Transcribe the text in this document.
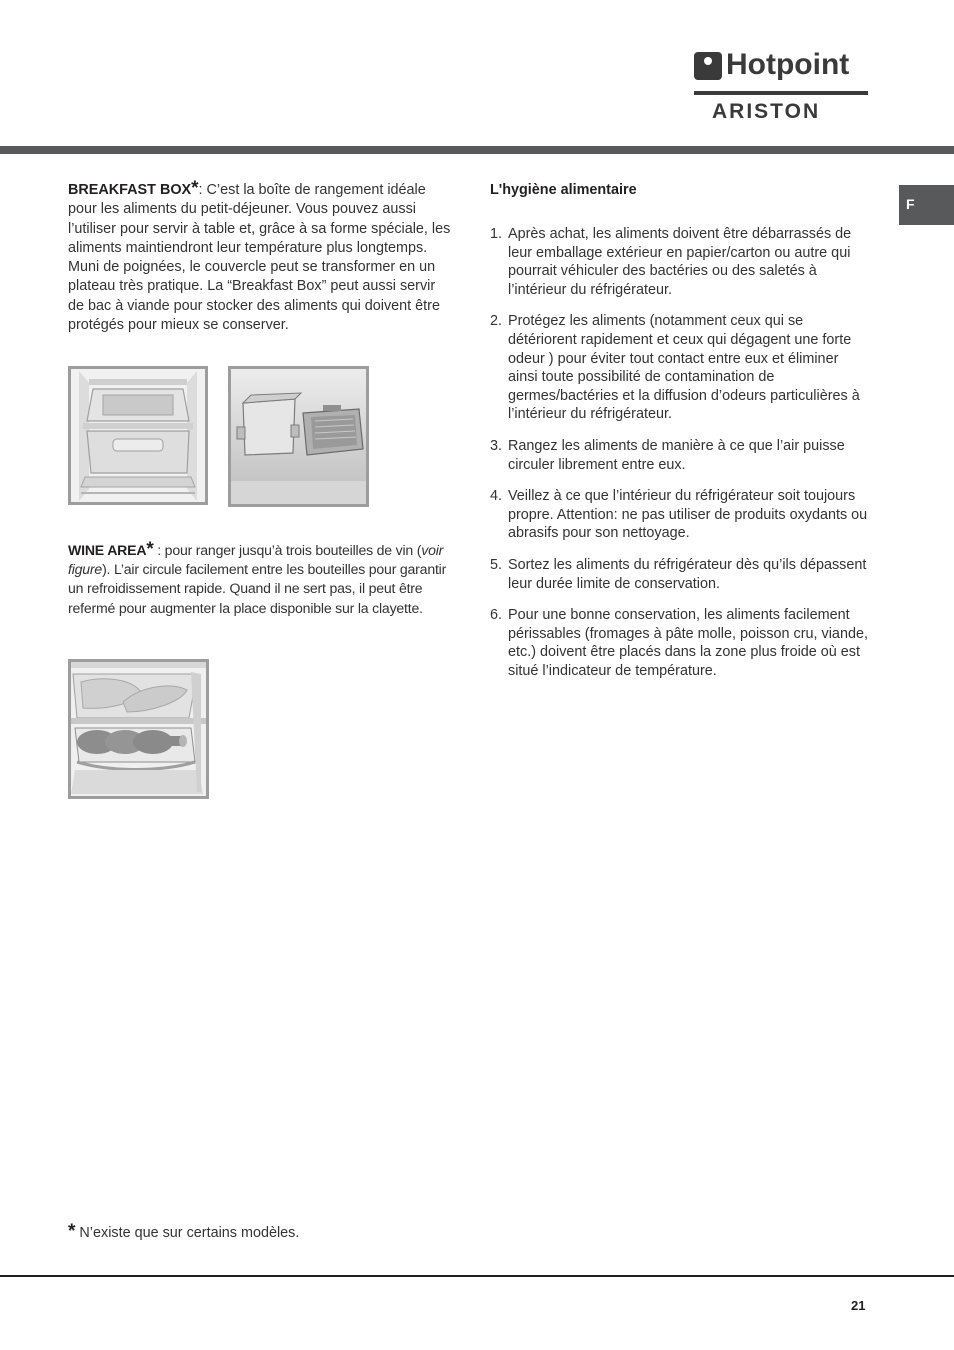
Hotpoint
ARISTON
F

BREAKFAST BOX*: C’est la boîte de rangement idéale pour les aliments du petit-déjeuner. Vous pouvez aussi l’utiliser pour servir à table et, grâce à sa forme spéciale, les aliments maintiendront leur température plus longtemps. Muni de poignées, le couvercle peut se transformer en un plateau très pratique. La “Breakfast Box” peut aussi servir de bac à viande pour stocker des aliments qui doivent être protégés pour mieux se conserver.

WINE AREA* : pour ranger jusqu’à trois bouteilles de vin (voir figure). L’air circule facilement entre les bouteilles pour garantir un refroidissement rapide. Quand il ne sert pas, il peut être refermé pour augmenter la place disponible sur la clayette.

L'hygiène alimentaire
1. Après achat, les aliments doivent être débarrassés de leur emballage extérieur en papier/carton ou autre qui pourrait véhiculer des bactéries ou des saletés à l’intérieur du réfrigérateur.
2. Protégez les aliments (notamment ceux qui se détériorent rapidement et ceux qui dégagent une forte odeur ) pour éviter tout contact entre eux et éliminer ainsi toute possibilité de contamination de germes/bactéries et la diffusion d’odeurs particulières à l’intérieur du réfrigérateur.
3. Rangez les aliments de manière à ce que l’air puisse circuler librement entre eux.
4. Veillez à ce que l’intérieur du réfrigérateur soit toujours propre. Attention: ne pas utiliser de produits oxydants ou abrasifs pour son nettoyage.
5. Sortez les aliments du réfrigérateur dès qu’ils dépassent leur durée limite de conservation.
6. Pour une bonne conservation, les aliments facilement périssables (fromages à pâte molle, poisson cru, viande, etc.) doivent être placés dans la zone plus froide où est situé l’indicateur de température.
* N’existe que sur certains modèles.
21
